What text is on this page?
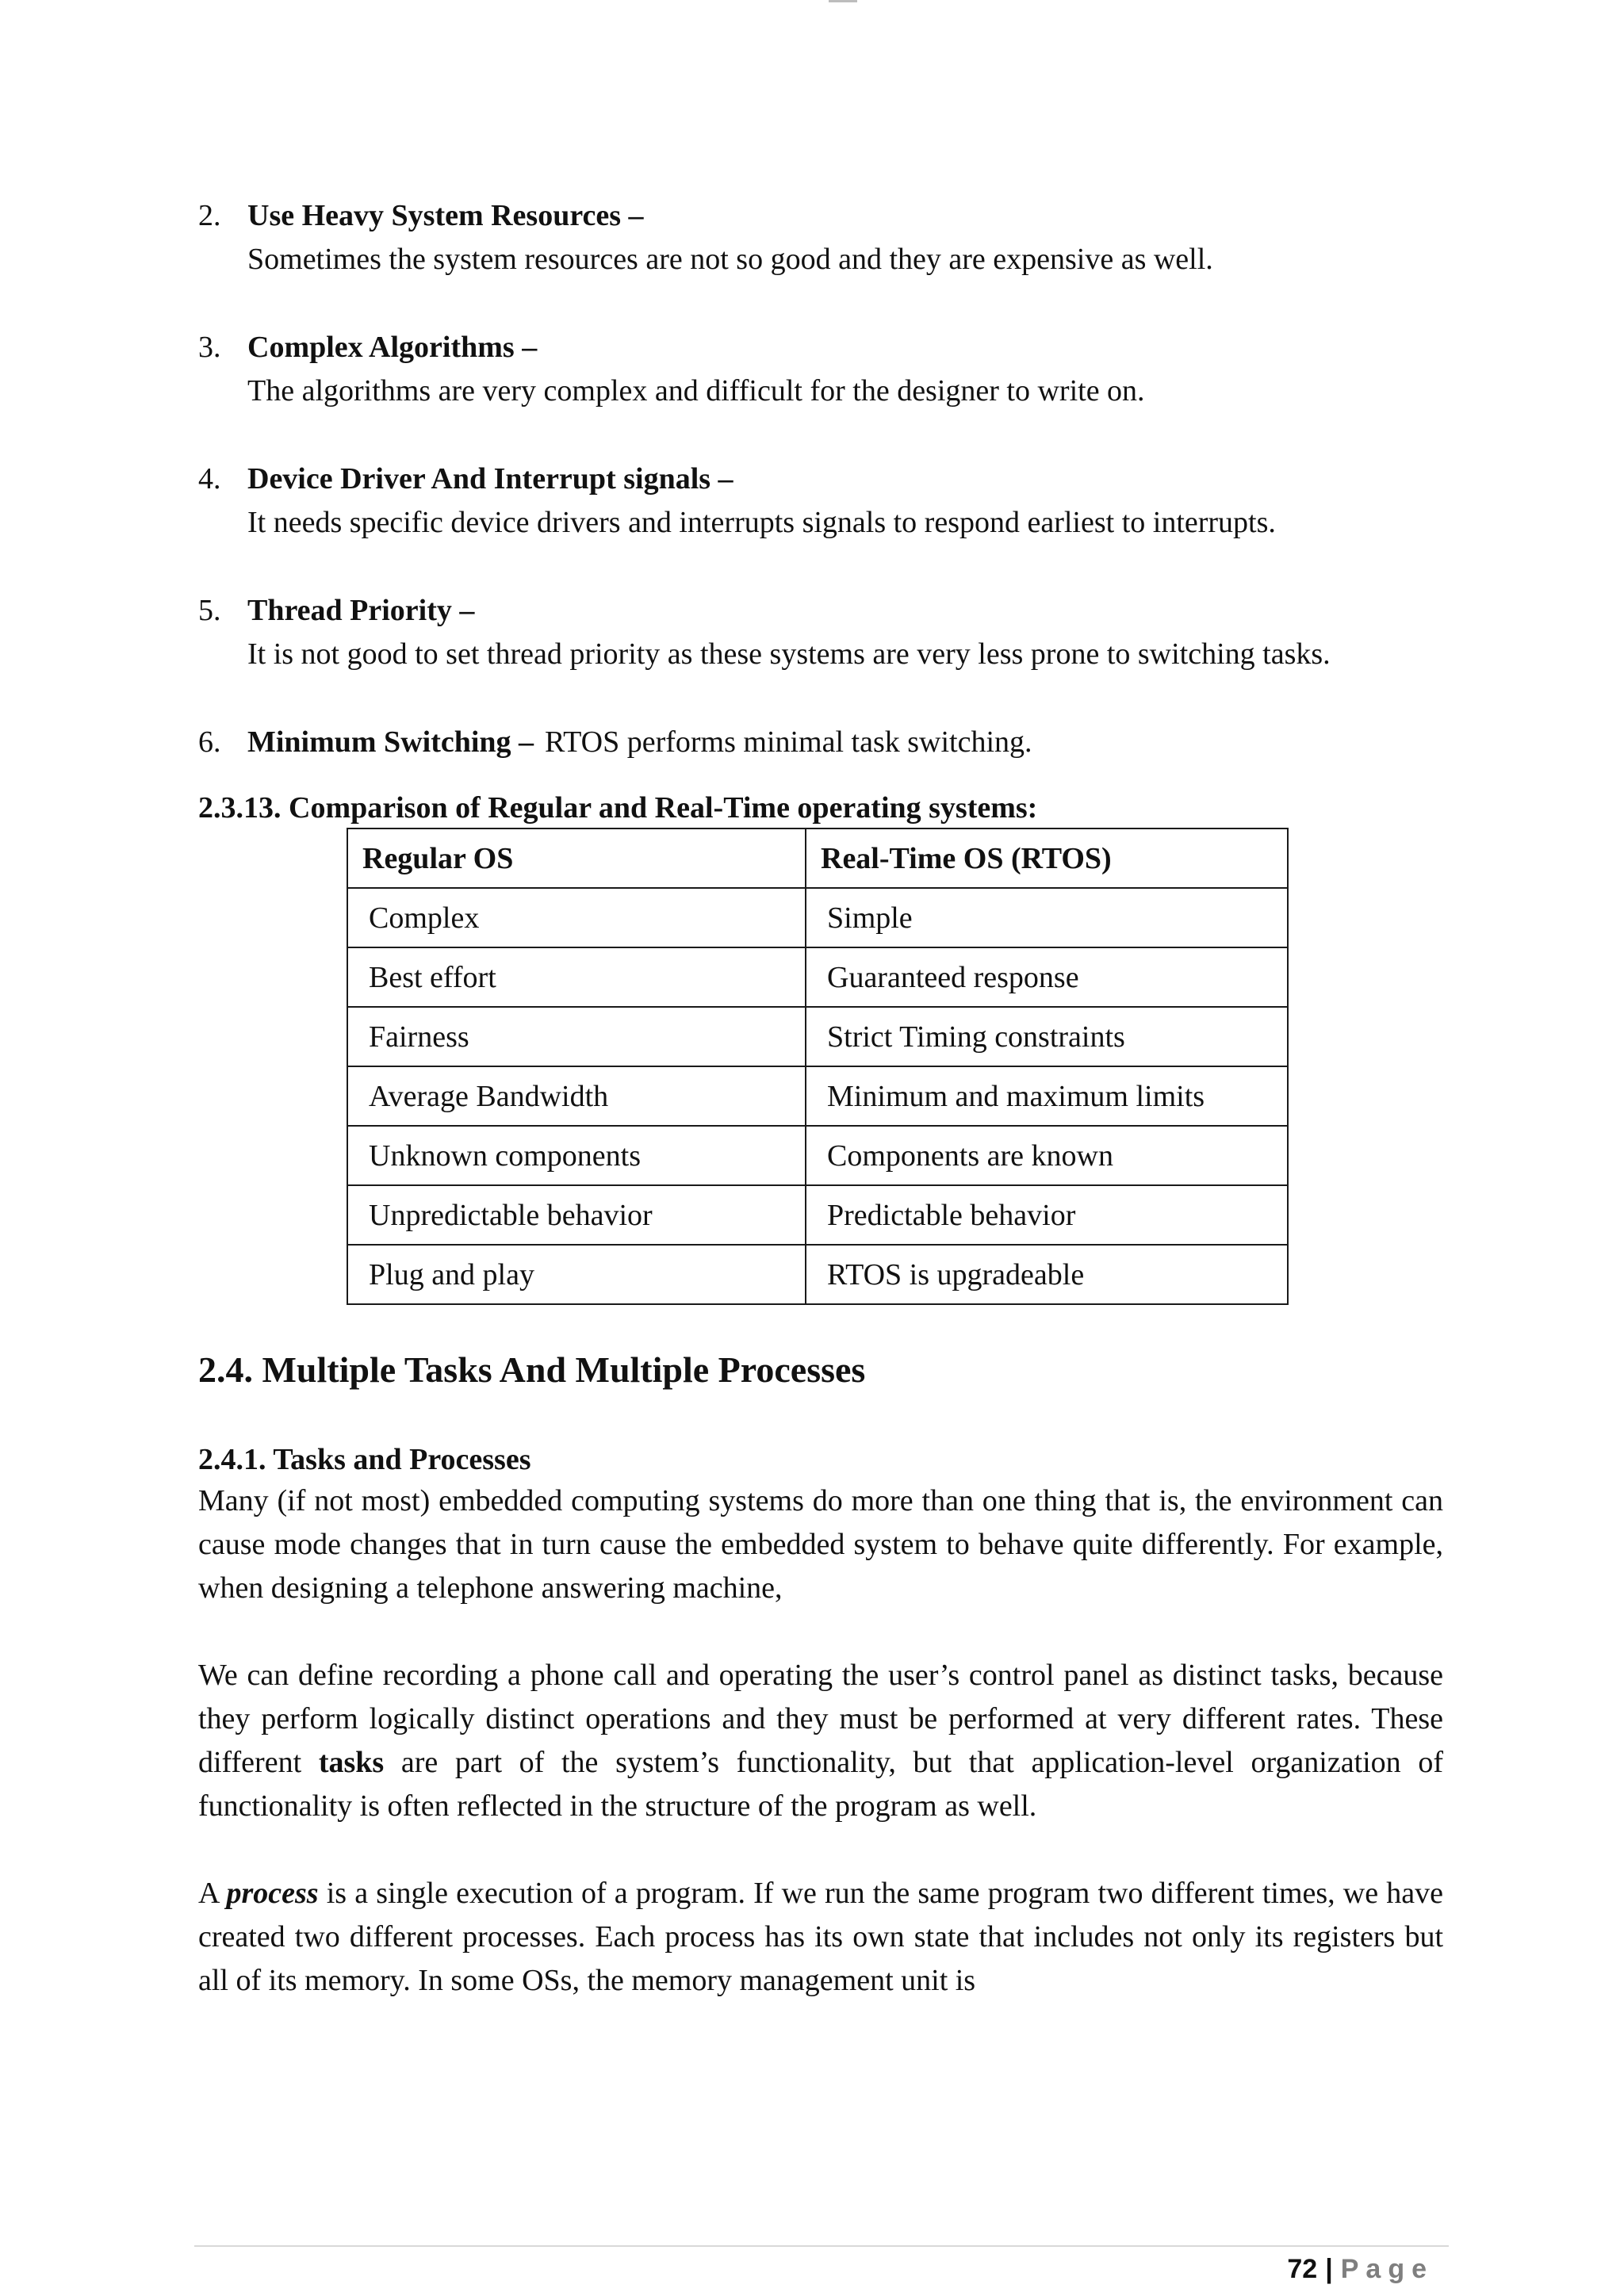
2. Use Heavy System Resources –
Sometimes the system resources are not so good and they are expensive as well.
3. Complex Algorithms –
The algorithms are very complex and difficult for the designer to write on.
4. Device Driver And Interrupt signals –
It needs specific device drivers and interrupts signals to respond earliest to interrupts.
5. Thread Priority –
It is not good to set thread priority as these systems are very less prone to switching tasks.
6. Minimum Switching – RTOS performs minimal task switching.
2.3.13. Comparison of Regular and Real-Time operating systems:
Regular OS	Real-Time OS (RTOS)
Complex	Simple
Best effort	Guaranteed response
Fairness	Strict Timing constraints
Average Bandwidth	Minimum and maximum limits
Unknown components	Components are known
Unpredictable behavior	Predictable behavior
Plug and play	RTOS is upgradeable
2.4. Multiple Tasks And Multiple Processes
2.4.1. Tasks and Processes

Many (if not most) embedded computing systems do more than one thing that is, the environment can cause mode changes that in turn cause the embedded system to behave quite differently. For example, when designing a telephone answering machine,

We can define recording a phone call and operating the user’s control panel as distinct tasks, because they perform logically distinct operations and they must be performed at very different rates. These different tasks are part of the system’s functionality, but that application-level organization of functionality is often reflected in the structure of the program as well.

A process is a single execution of a program. If we run the same program two different times, we have created two different processes. Each process has its own state that includes not only its registers but all of its memory. In some OSs, the memory management unit is

72 | Page
